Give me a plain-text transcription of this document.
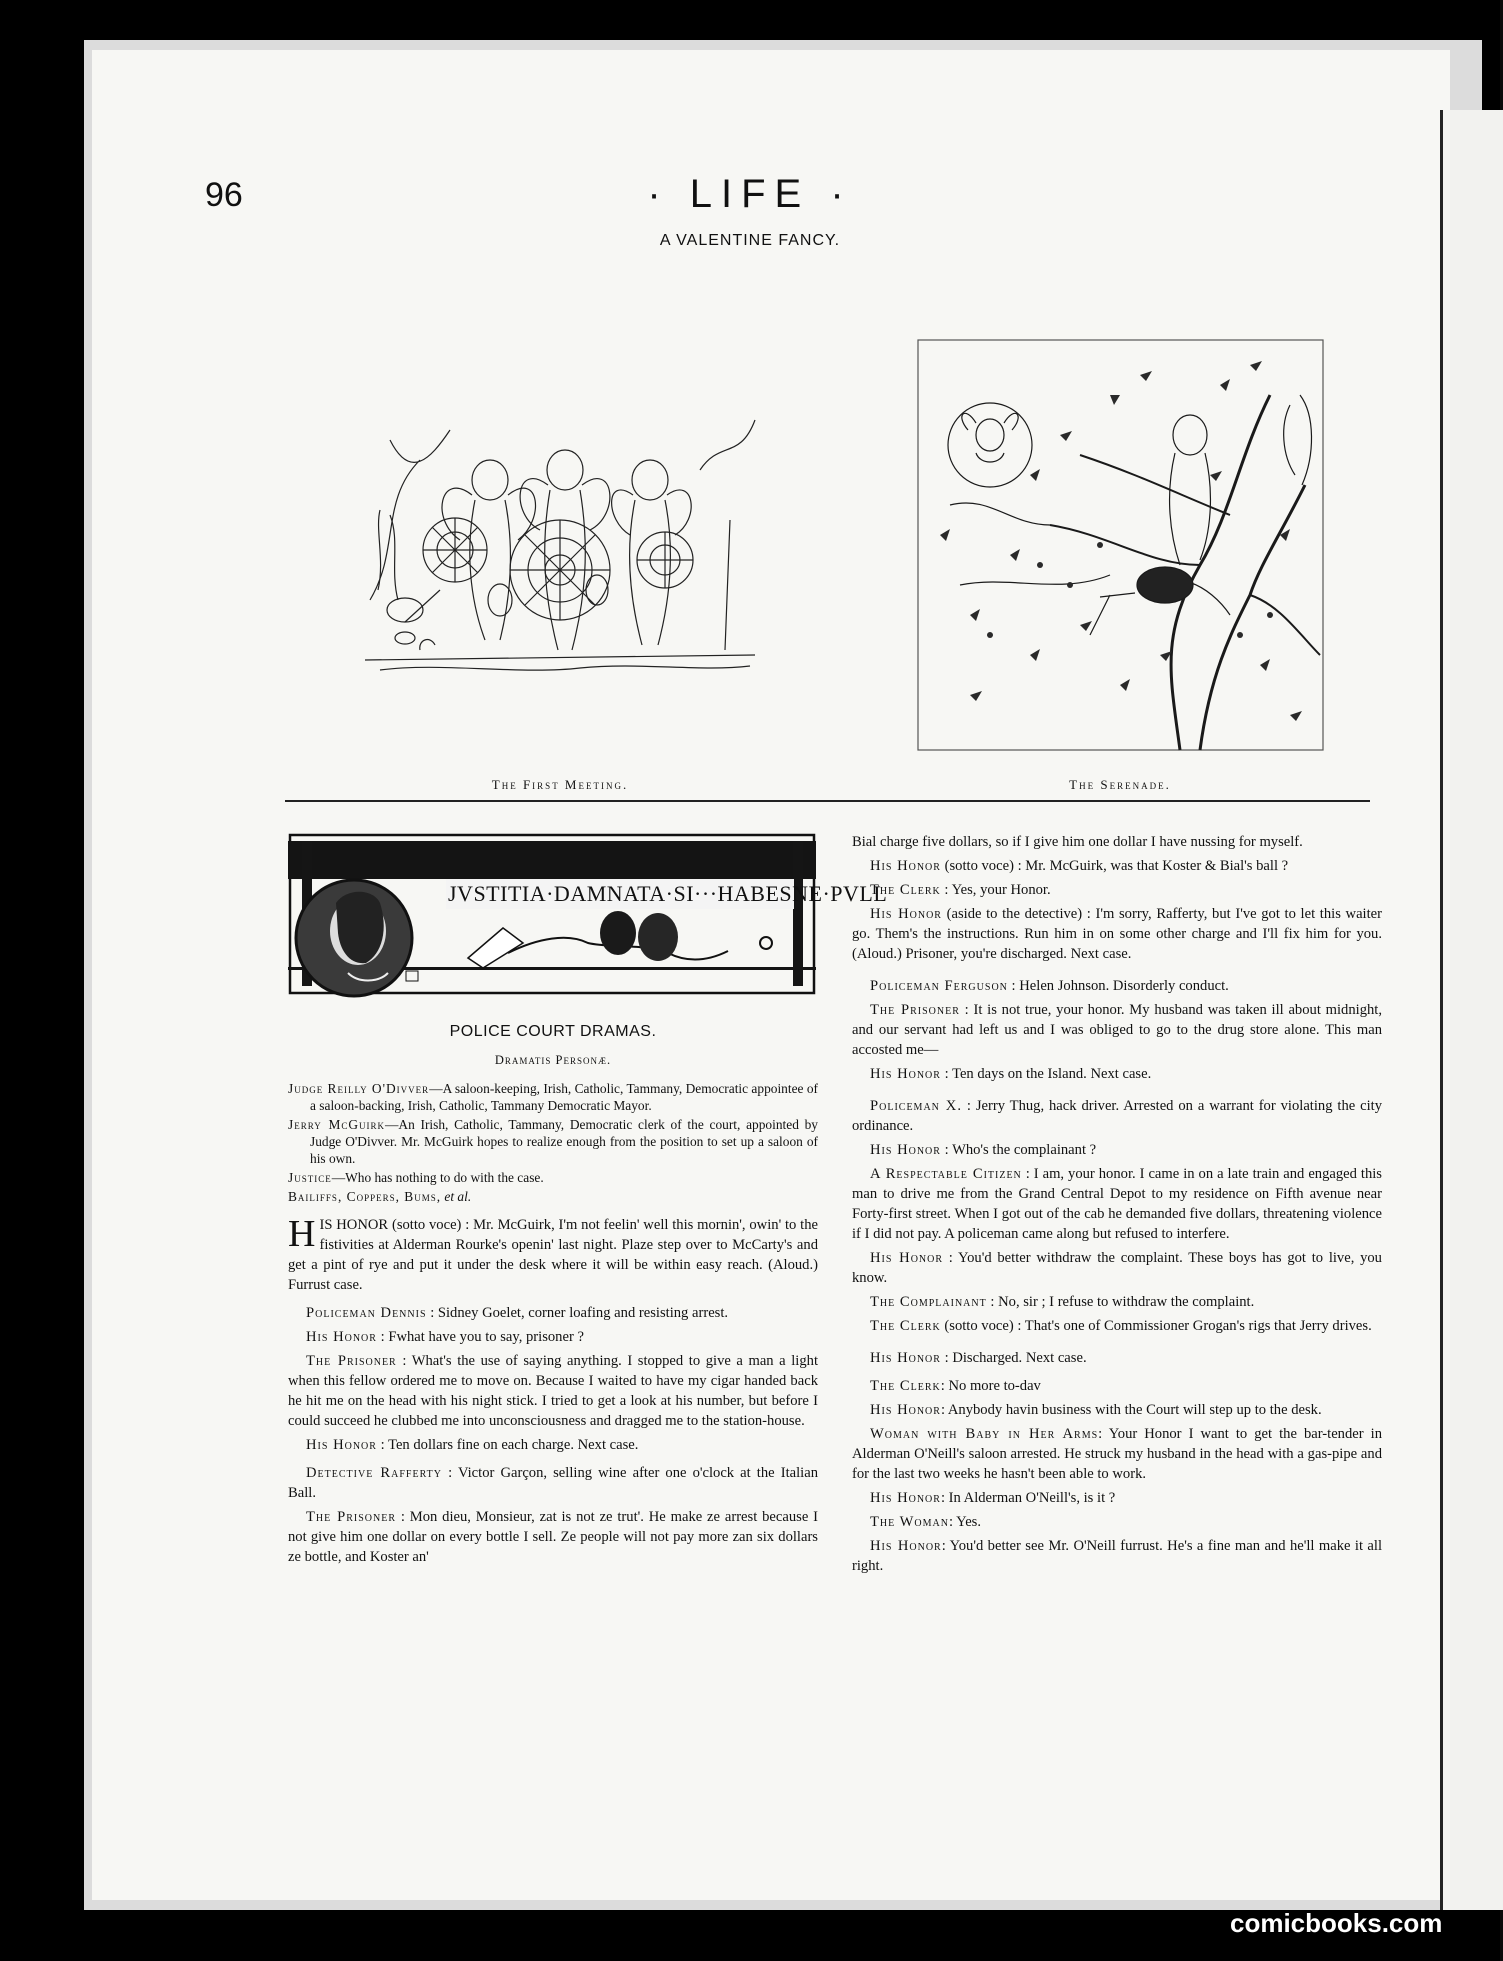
96	· LIFE ·
A VALENTINE FANCY.
The First Meeting.	The Serenade.
JVSTITIA·DAMNATA·SI···HABESNE·PVLL
POLICE COURT DRAMAS.
Dramatis Personæ.

Judge Reilly O'Divver—A saloon-keeping, Irish, Catholic, Tammany, Democratic appointee of a saloon-backing, Irish, Catholic, Tammany Democratic Mayor.

Jerry McGuirk—An Irish, Catholic, Tammany, Democratic clerk of the court, appointed by Judge O'Divver. Mr. McGuirk hopes to realize enough from the position to set up a saloon of his own.

Justice—Who has nothing to do with the case.

Bailiffs, Coppers, Bums, et al.

HIS HONOR (sotto voce) : Mr. McGuirk, I'm not feelin' well this mornin', owin' to the fistivities at Alderman Rourke's openin' last night. Plaze step over to McCarty's and get a pint of rye and put it under the desk where it will be within easy reach. (Aloud.) Furrust case.

Policeman Dennis : Sidney Goelet, corner loafing and resisting arrest.

His Honor : Fwhat have you to say, prisoner ?

The Prisoner : What's the use of saying anything. I stopped to give a man a light when this fellow ordered me to move on. Because I waited to have my cigar handed back he hit me on the head with his night stick. I tried to get a look at his number, but before I could succeed he clubbed me into unconsciousness and dragged me to the station-house.

His Honor : Ten dollars fine on each charge. Next case.

Detective Rafferty : Victor Garçon, selling wine after one o'clock at the Italian Ball.

The Prisoner : Mon dieu, Monsieur, zat is not ze trut'. He make ze arrest because I not give him one dollar on every bottle I sell. Ze people will not pay more zan six dollars ze bottle, and Koster an'

Bial charge five dollars, so if I give him one dollar I have nussing for myself.

His Honor (sotto voce) : Mr. McGuirk, was that Koster & Bial's ball ?

The Clerk : Yes, your Honor.

His Honor (aside to the detective) : I'm sorry, Rafferty, but I've got to let this waiter go. Them's the instructions. Run him in on some other charge and I'll fix him for you. (Aloud.) Prisoner, you're discharged. Next case.

Policeman Ferguson : Helen Johnson. Disorderly conduct.

The Prisoner : It is not true, your honor. My husband was taken ill about midnight, and our servant had left us and I was obliged to go to the drug store alone. This man accosted me—

His Honor : Ten days on the Island. Next case.

Policeman X. : Jerry Thug, hack driver. Arrested on a warrant for violating the city ordinance.

His Honor : Who's the complainant ?

A Respectable Citizen : I am, your honor. I came in on a late train and engaged this man to drive me from the Grand Central Depot to my residence on Fifth avenue near Forty-first street. When I got out of the cab he demanded five dollars, threatening violence if I did not pay. A policeman came along but refused to interfere.

His Honor : You'd better withdraw the complaint. These boys has got to live, you know.

The Complainant : No, sir ; I refuse to withdraw the complaint.

The Clerk (sotto voce) : That's one of Commissioner Grogan's rigs that Jerry drives.

His Honor : Discharged. Next case.

The Clerk: No more to-dav

His Honor: Anybody havin business with the Court will step up to the desk.

Woman with Baby in Her Arms: Your Honor I want to get the bar-tender in Alderman O'Neill's saloon arrested. He struck my husband in the head with a gas-pipe and for the last two weeks he hasn't been able to work.

His Honor: In Alderman O'Neill's, is it ?

The Woman: Yes.

His Honor: You'd better see Mr. O'Neill furrust. He's a fine man and he'll make it all right.

comicbooks.com
